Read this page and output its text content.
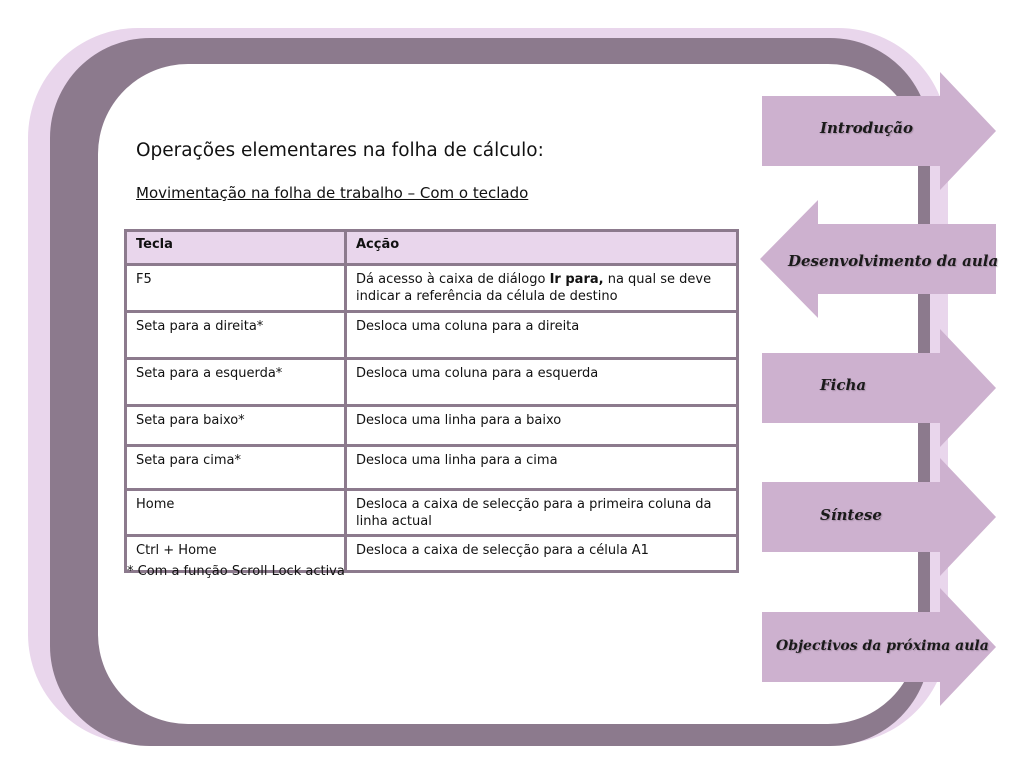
Operações elementares na folha de cálculo:
Movimentação na folha de trabalho – Com o teclado
Tecla	Acção
F5	Dá acesso à caixa de diálogo Ir para, na qual se deve indicar a referência da célula de destino
Seta para a direita*	Desloca uma coluna para a direita
Seta para a esquerda*	Desloca uma coluna para a esquerda
Seta para baixo*	Desloca uma linha para a baixo
Seta para cima*	Desloca uma linha para a cima
Home	Desloca a caixa de selecção para a primeira coluna da linha actual
Ctrl + Home	Desloca a caixa de selecção para a célula A1
* Com a função Scroll Lock activa
Introdução
Desenvolvimento da aula
Ficha
Síntese
Objectivos da próxima aula
